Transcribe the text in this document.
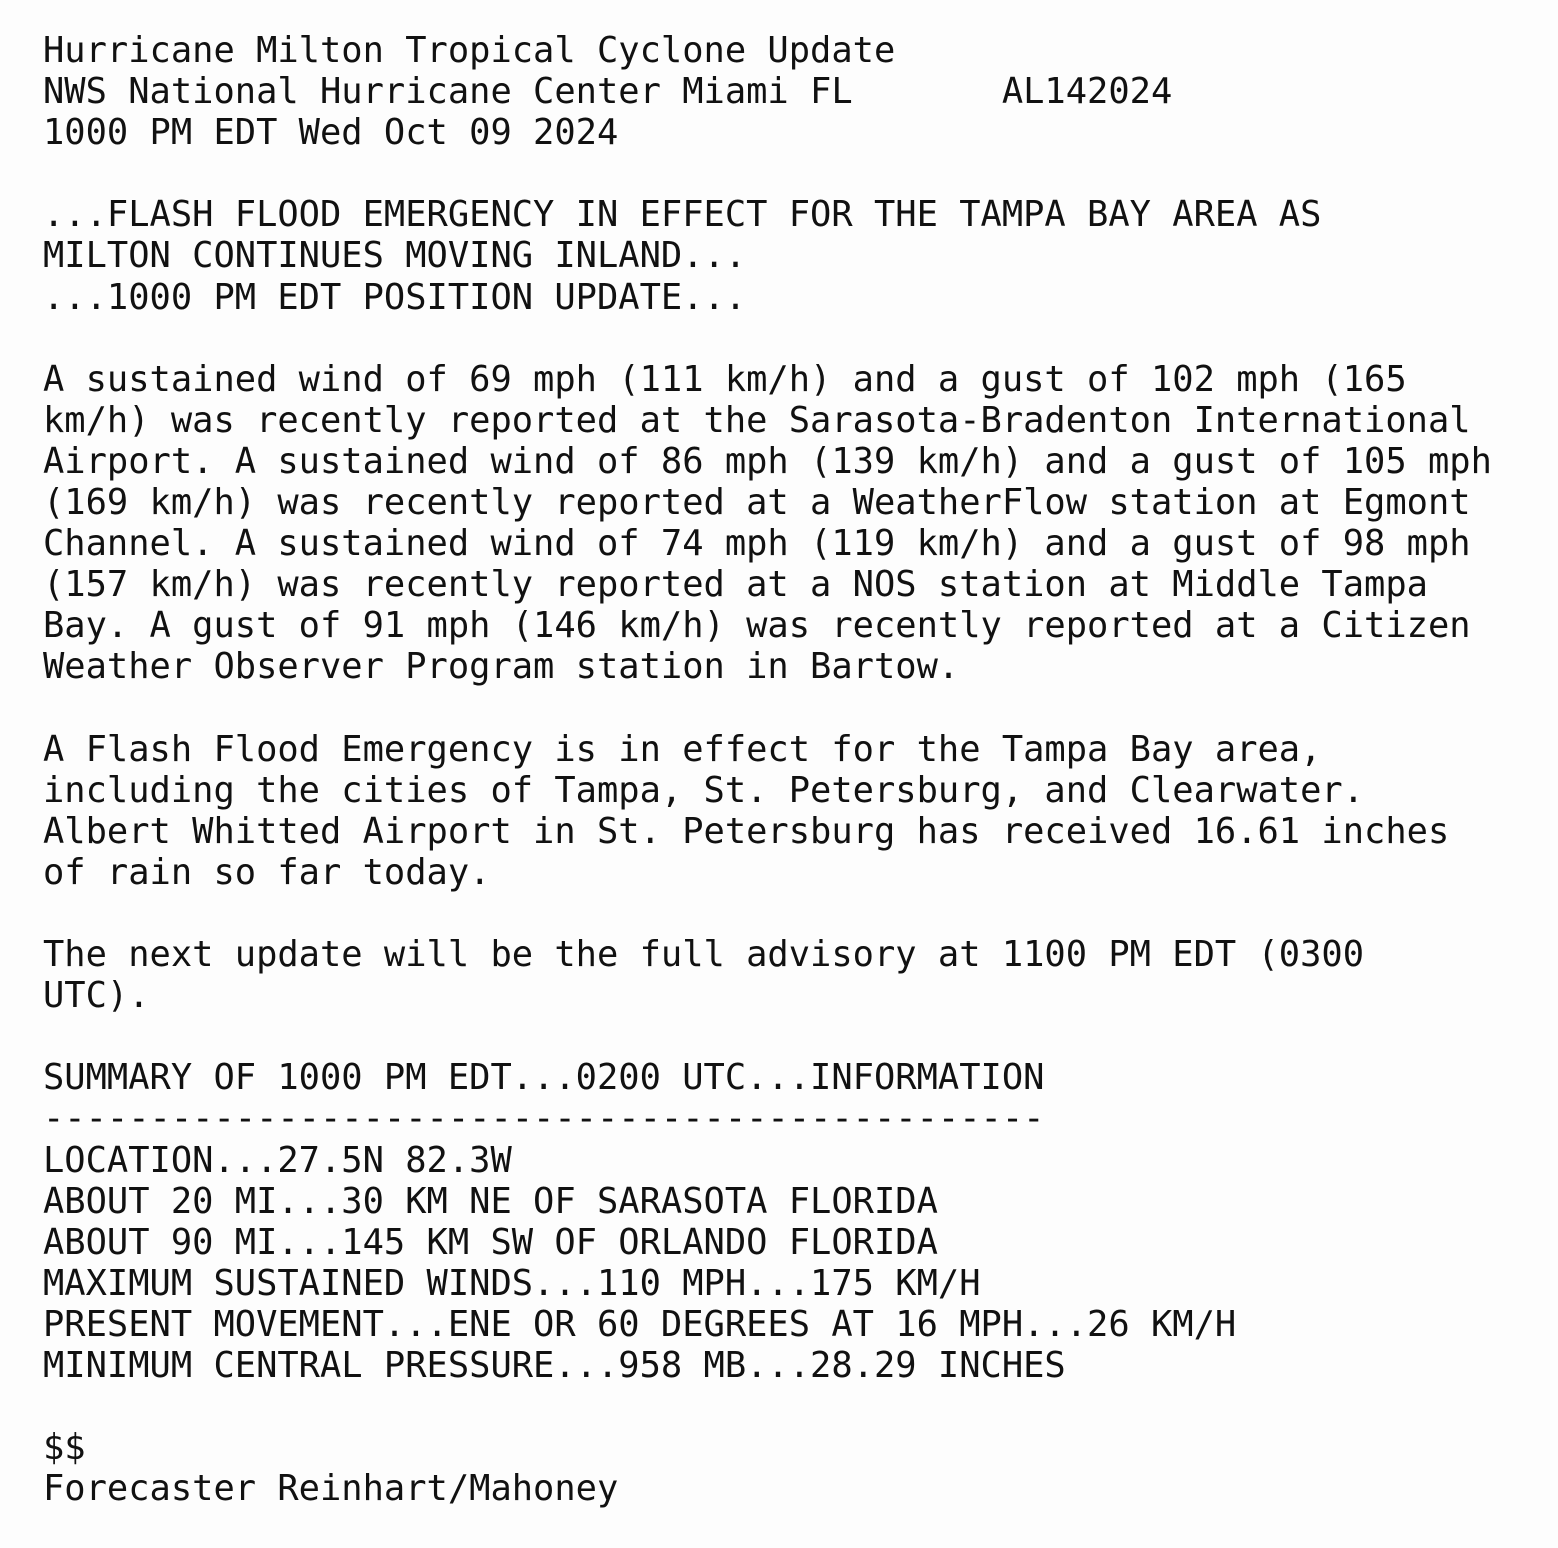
Hurricane Milton Tropical Cyclone Update
NWS National Hurricane Center Miami FL       AL142024
1000 PM EDT Wed Oct 09 2024
...FLASH FLOOD EMERGENCY IN EFFECT FOR THE TAMPA BAY AREA AS
MILTON CONTINUES MOVING INLAND...
...1000 PM EDT POSITION UPDATE...
A sustained wind of 69 mph (111 km/h) and a gust of 102 mph (165
km/h) was recently reported at the Sarasota-Bradenton International
Airport. A sustained wind of 86 mph (139 km/h) and a gust of 105 mph
(169 km/h) was recently reported at a WeatherFlow station at Egmont
Channel. A sustained wind of 74 mph (119 km/h) and a gust of 98 mph
(157 km/h) was recently reported at a NOS station at Middle Tampa
Bay. A gust of 91 mph (146 km/h) was recently reported at a Citizen
Weather Observer Program station in Bartow.
A Flash Flood Emergency is in effect for the Tampa Bay area,
including the cities of Tampa, St. Petersburg, and Clearwater.
Albert Whitted Airport in St. Petersburg has received 16.61 inches
of rain so far today.
The next update will be the full advisory at 1100 PM EDT (0300
UTC).
SUMMARY OF 1000 PM EDT...0200 UTC...INFORMATION
-----------------------------------------------
LOCATION...27.5N 82.3W
ABOUT 20 MI...30 KM NE OF SARASOTA FLORIDA
ABOUT 90 MI...145 KM SW OF ORLANDO FLORIDA
MAXIMUM SUSTAINED WINDS...110 MPH...175 KM/H
PRESENT MOVEMENT...ENE OR 60 DEGREES AT 16 MPH...26 KM/H
MINIMUM CENTRAL PRESSURE...958 MB...28.29 INCHES
$$
Forecaster Reinhart/Mahoney
